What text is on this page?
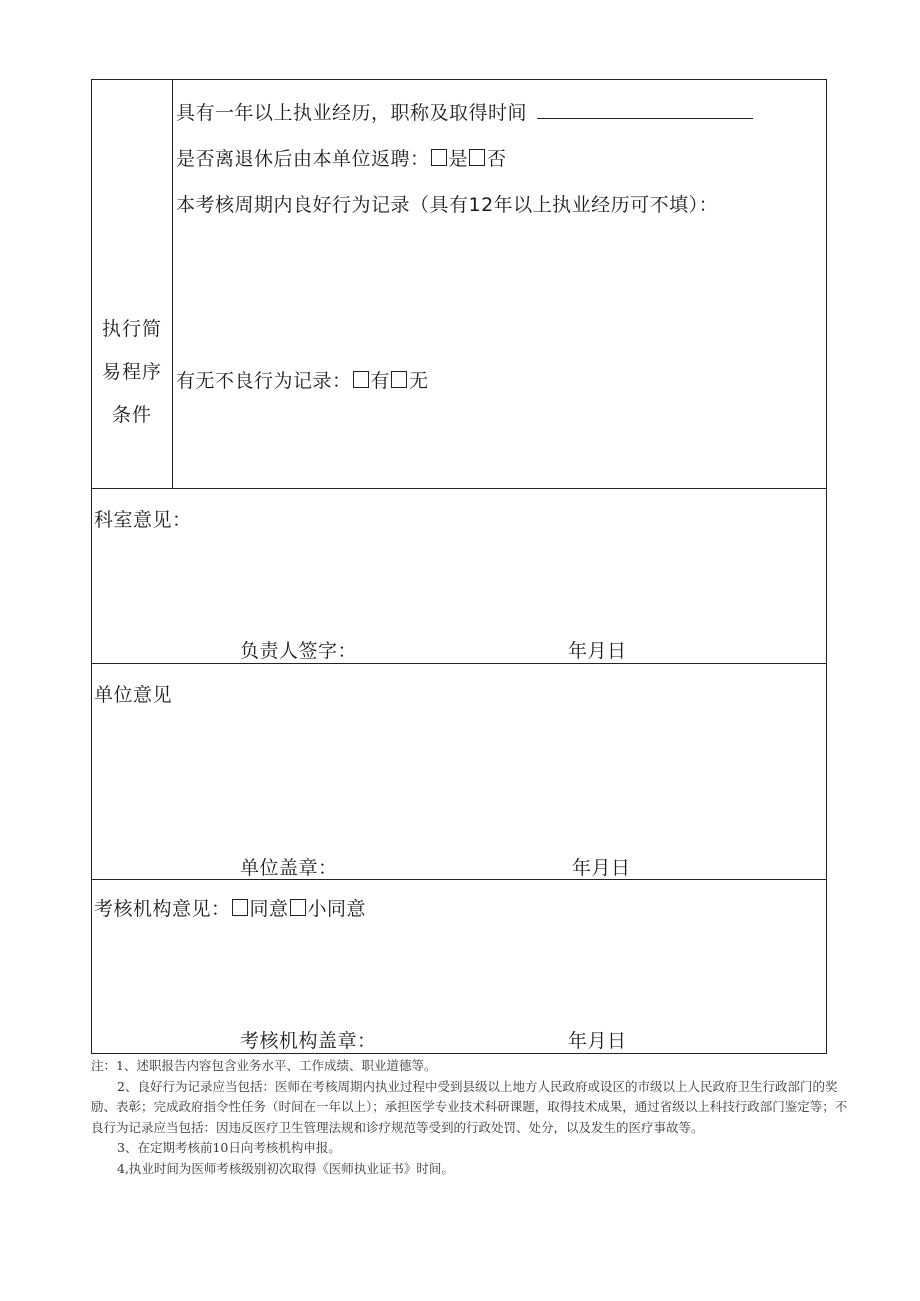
执行简
易程序
条件

具有一年以上执业经历，职称及取得时间
是否离退休后由本单位返聘： 是 否
本考核周期内良好行为记录（具有12年以上执业经历可不填）：
有无不良行为记录： 有 无

科室意见：
负责人签字：	年月日

单位意见
单位盖章：	年月日

考核机构意见： 同意 小同意
考核机构盖章：	年月日

注：1、述职报告内容包含业务水平、工作成绩、职业道德等。

2、良好行为记录应当包括：医师在考核周期内执业过程中受到县级以上地方人民政府或设区的市级以上人民政府卫生行政部门的奖励、表彰；完成政府指令性任务（时间在一年以上）；承担医学专业技术科研课题，取得技术成果，通过省级以上科技行政部门鉴定等；不良行为记录应当包括：因违反医疗卫生管理法规和诊疗规范等受到的行政处罚、处分，以及发生的医疗事故等。

3、在定期考核前10日向考核机构申报。

4,执业时间为医师考核级别初次取得《医师执业证书》时间。
